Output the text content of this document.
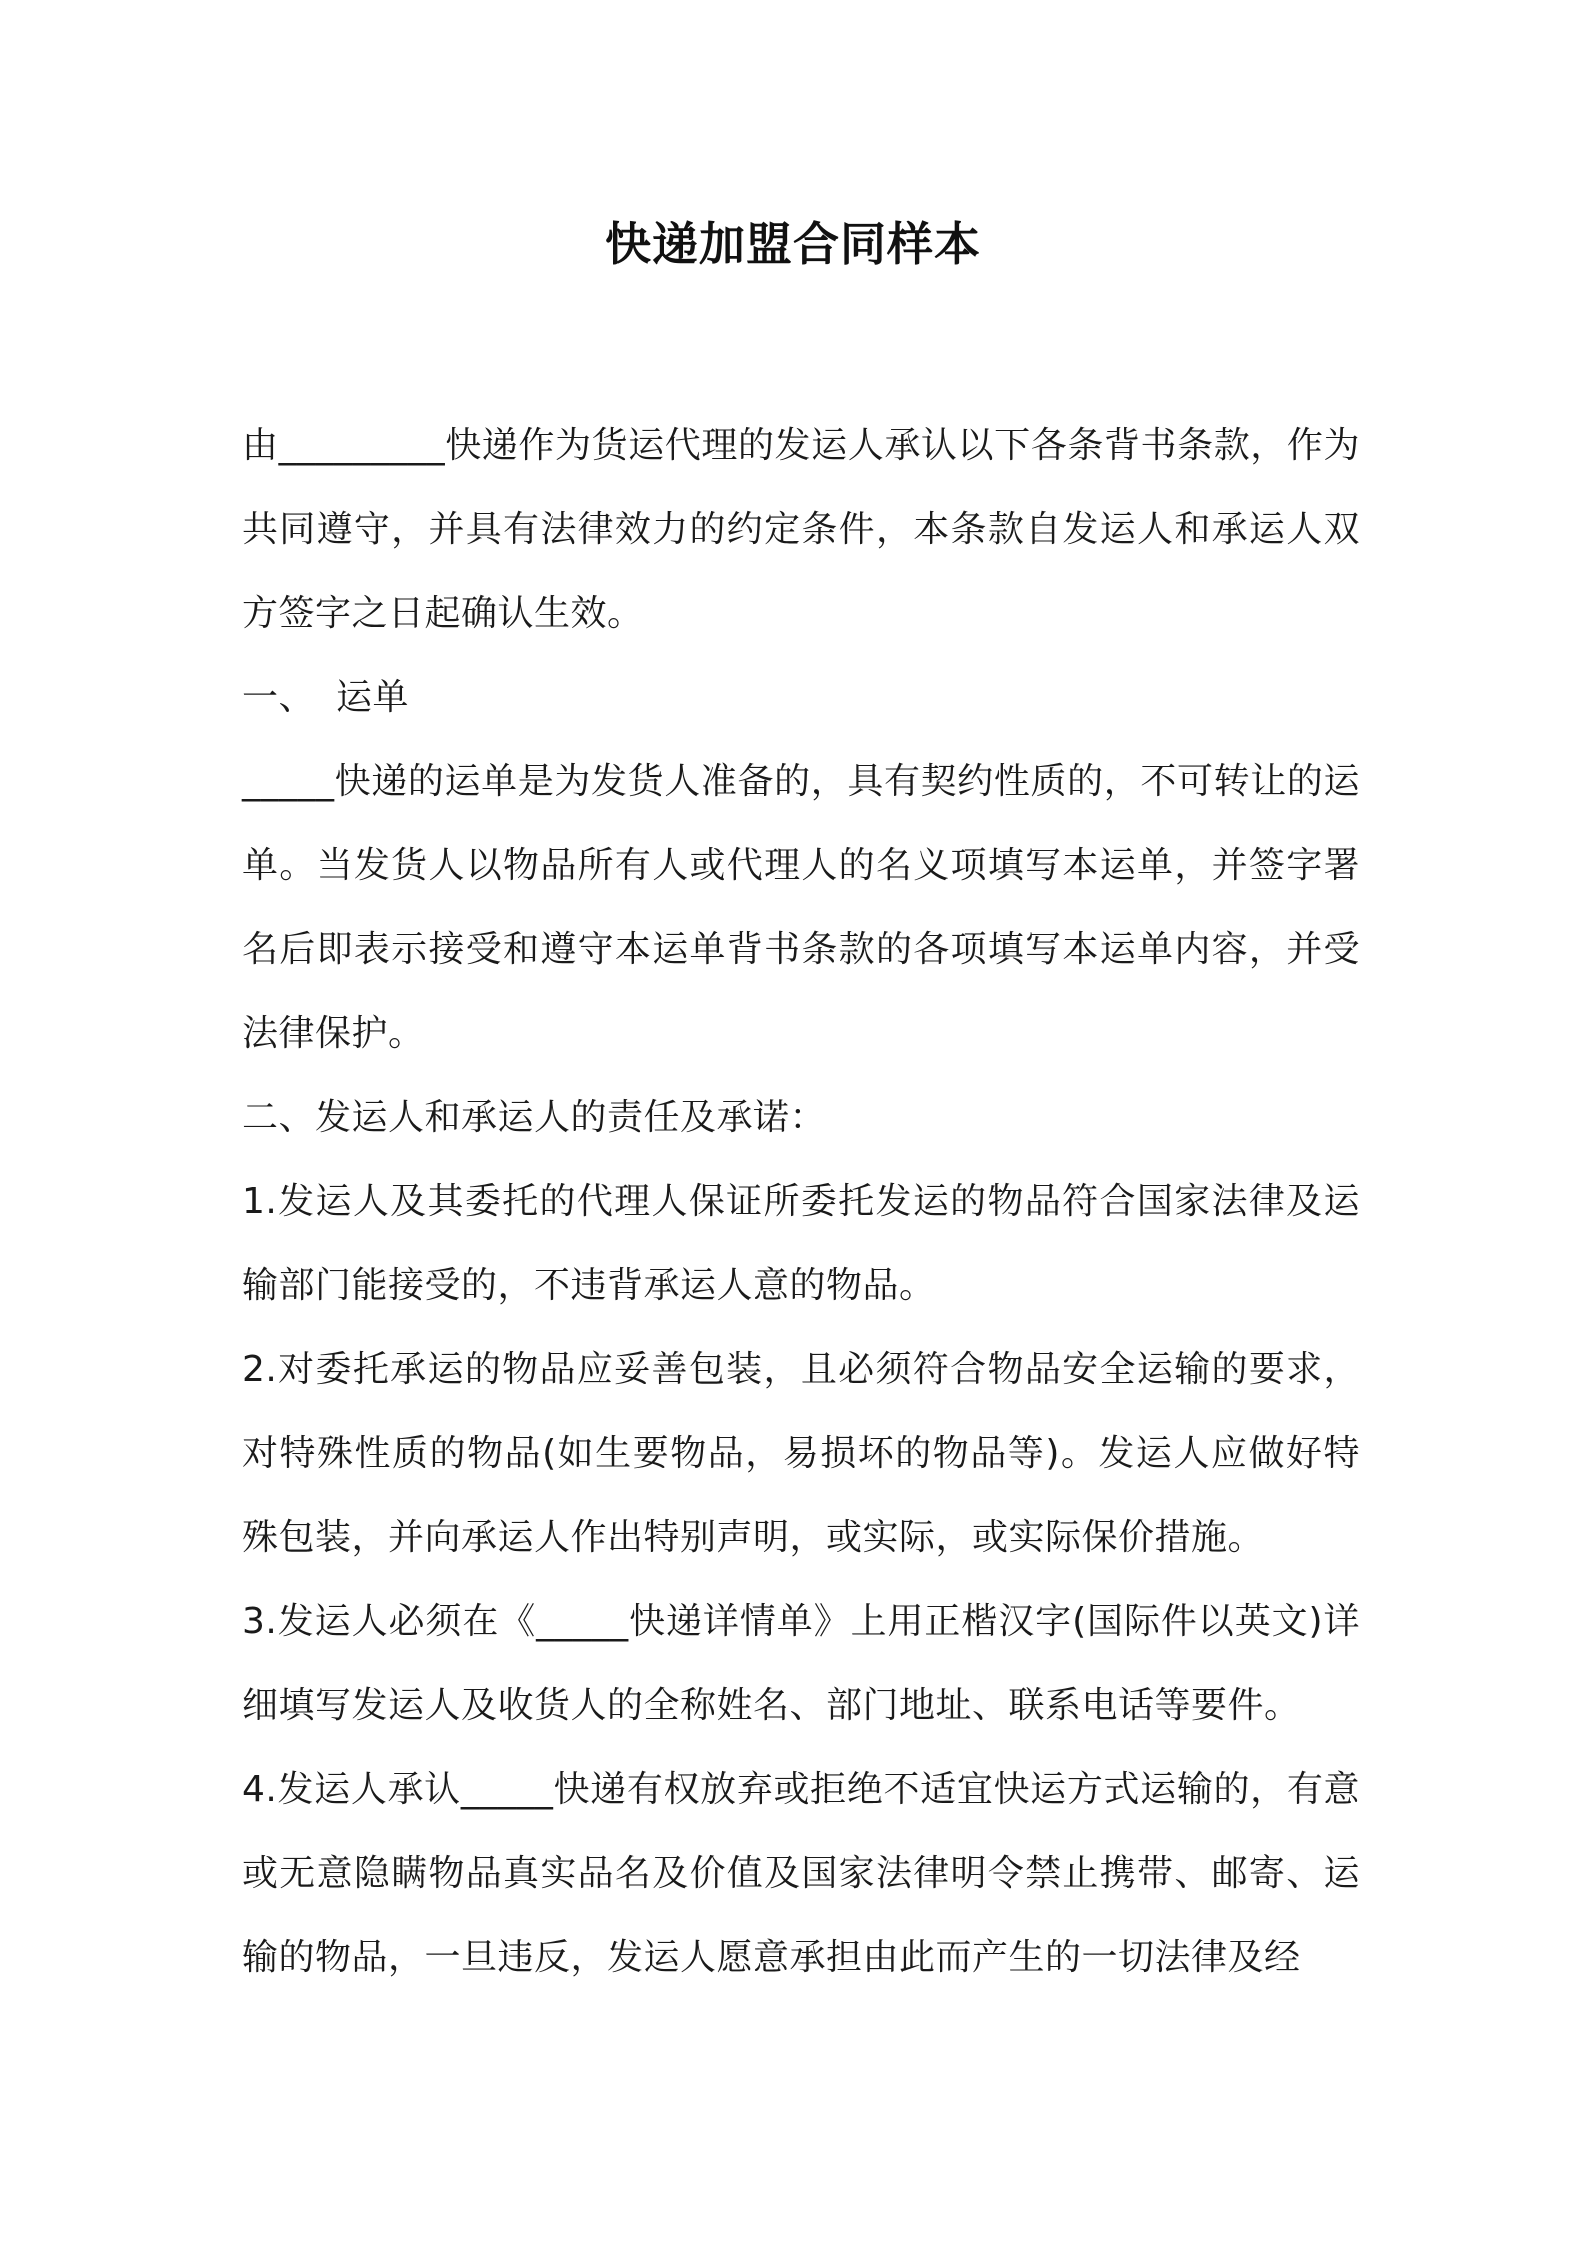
快递加盟合同样本

由_________快递作为货运代理的发运人承认以下各条背书条款，作为共同遵守，并具有法律效力的约定条件，本条款自发运人和承运人双方签字之日起确认生效。

一、 运单

_____快递的运单是为发货人准备的，具有契约性质的，不可转让的运单。当发货人以物品所有人或代理人的名义项填写本运单，并签字署名后即表示接受和遵守本运单背书条款的各项填写本运单内容，并受法律保护。

二、发运人和承运人的责任及承诺：

1.发运人及其委托的代理人保证所委托发运的物品符合国家法律及运输部门能接受的，不违背承运人意的物品。

2.对委托承运的物品应妥善包装，且必须符合物品安全运输的要求，对特殊性质的物品(如生要物品，易损坏的物品等)。发运人应做好特殊包装，并向承运人作出特别声明，或实际，或实际保价措施。

3.发运人必须在《_____快递详情单》上用正楷汉字(国际件以英文)详细填写发运人及收货人的全称姓名、部门地址、联系电话等要件。

4.发运人承认_____快递有权放弃或拒绝不适宜快运方式运输的，有意或无意隐瞒物品真实品名及价值及国家法律明令禁止携带、邮寄、运输的物品，一旦违反，发运人愿意承担由此而产生的一切法律及经
